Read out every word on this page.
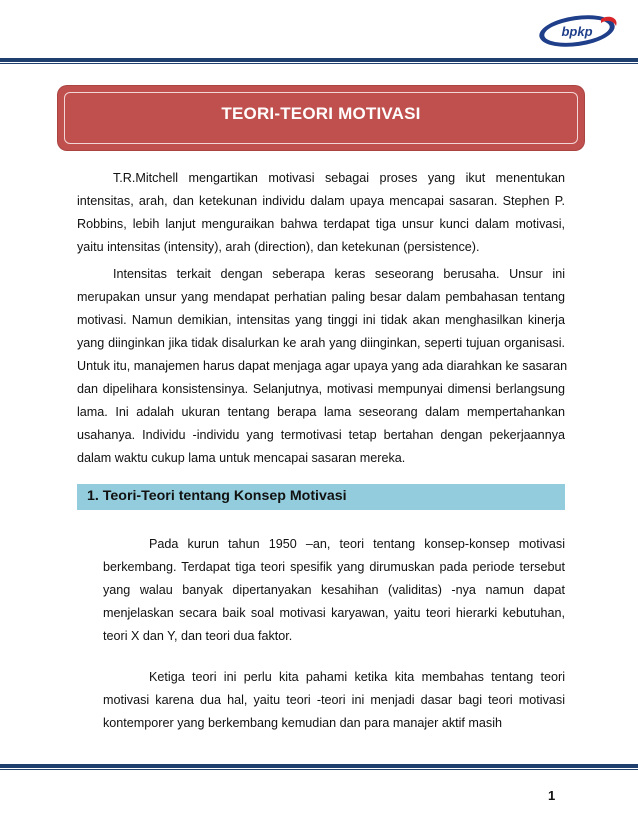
bpkp
TEORI-TEORI MOTIVASI
T.R.Mitchell mengartikan motivasi sebagai proses yang ikut menentukan
intensitas, arah, dan ketekunan individu dalam upaya mencapai sasaran. Stephen P.
Robbins, lebih lanjut menguraikan bahwa terdapat tiga unsur kunci dalam motivasi,
yaitu intensitas (intensity), arah (direction), dan ketekunan (persistence).
Intensitas terkait dengan seberapa keras seseorang berusaha. Unsur ini
merupakan unsur yang mendapat perhatian paling besar dalam pembahasan tentang
motivasi. Namun demikian, intensitas yang tinggi ini tidak akan menghasilkan kinerja
yang diinginkan jika tidak disalurkan ke arah yang diinginkan, seperti tujuan organisasi.
Untuk itu, manajemen harus dapat menjaga agar upaya yang ada diarahkan ke sasaran
dan dipelihara konsistensinya. Selanjutnya, motivasi mempunyai dimensi berlangsung
lama. Ini adalah ukuran tentang berapa lama seseorang dalam mempertahankan
usahanya. Individu -individu yang termotivasi tetap bertahan dengan pekerjaannya
dalam waktu cukup lama untuk mencapai sasaran mereka.
1. Teori-Teori tentang Konsep Motivasi
Pada kurun tahun 1950 –an, teori tentang konsep-konsep motivasi
berkembang. Terdapat tiga teori spesifik yang dirumuskan pada periode tersebut
yang walau banyak dipertanyakan kesahihan (validitas) -nya namun dapat
menjelaskan secara baik soal motivasi karyawan, yaitu teori hierarki kebutuhan,
teori X dan Y, dan teori dua faktor.
Ketiga teori ini perlu kita pahami ketika kita membahas tentang teori
motivasi karena dua hal, yaitu teori -teori ini menjadi dasar bagi teori motivasi
kontemporer yang berkembang kemudian dan para manajer aktif masih
1
